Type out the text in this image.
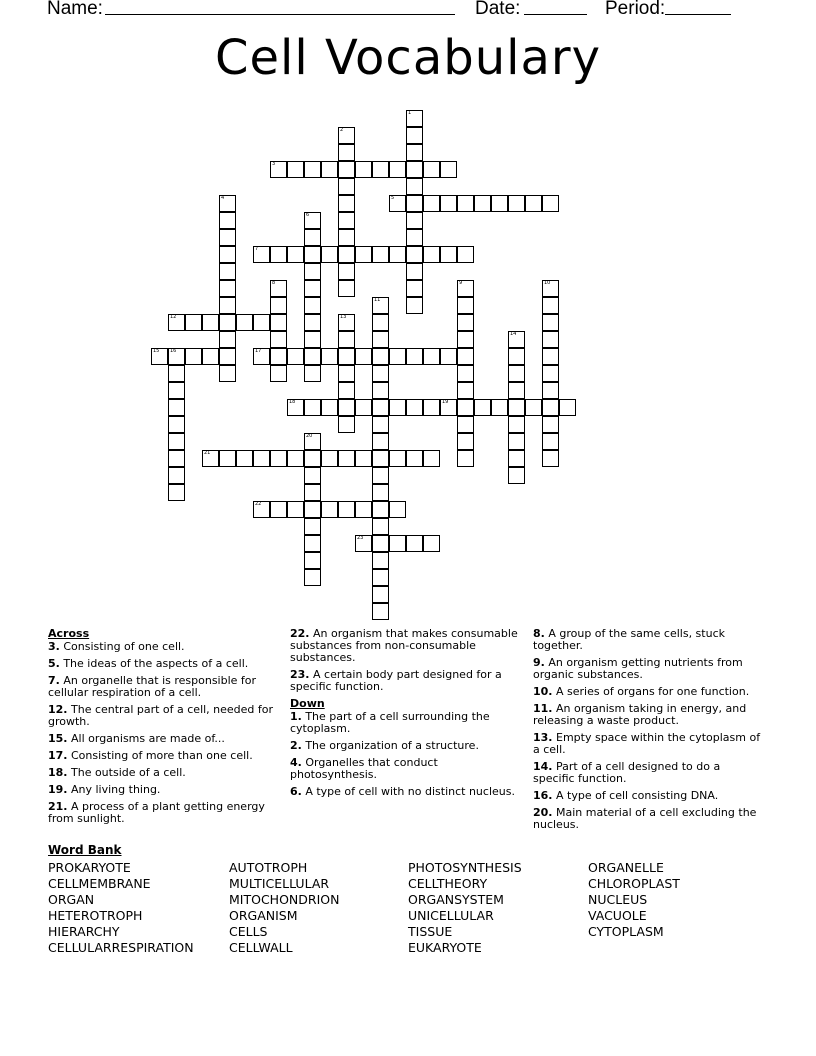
Name:	Date:	Period:
Cell Vocabulary
3
5
7
12
15 16	17
18	19
21
22
23
1
2
4
6
8	9	10
11
13
14
20
Across
3. Consisting of one cell.
5. The ideas of the aspects of a cell.
7. An organelle that is responsible for cellular respiration of a cell.
12. The central part of a cell, needed for growth.
15. All organisms are made of...
17. Consisting of more than one cell.
18. The outside of a cell.
19. Any living thing.
21. A process of a plant getting energy from sunlight.
22. An organism that makes consumable substances from non-consumable substances.
23. A certain body part designed for a specific function.
Down
1. The part of a cell surrounding the cytoplasm.
2. The organization of a structure.
4. Organelles that conduct photosynthesis.
6. A type of cell with no distinct nucleus.
8. A group of the same cells, stuck together.
9. An organism getting nutrients from organic substances.
10. A series of organs for one function.
11. An organism taking in energy, and releasing a waste product.
13. Empty space within the cytoplasm of a cell.
14. Part of a cell designed to do a specific function.
16. A type of cell consisting DNA.
20. Main material of a cell excluding the nucleus.
Word Bank
PROKARYOTE
CELLMEMBRANE
ORGAN
HETEROTROPH
HIERARCHY
CELLULARRESPIRATION
AUTOTROPH
MULTICELLULAR
MITOCHONDRION
ORGANISM
CELLS
CELLWALL
PHOTOSYNTHESIS
CELLTHEORY
ORGANSYSTEM
UNICELLULAR
TISSUE
EUKARYOTE
ORGANELLE
CHLOROPLAST
NUCLEUS
VACUOLE
CYTOPLASM
